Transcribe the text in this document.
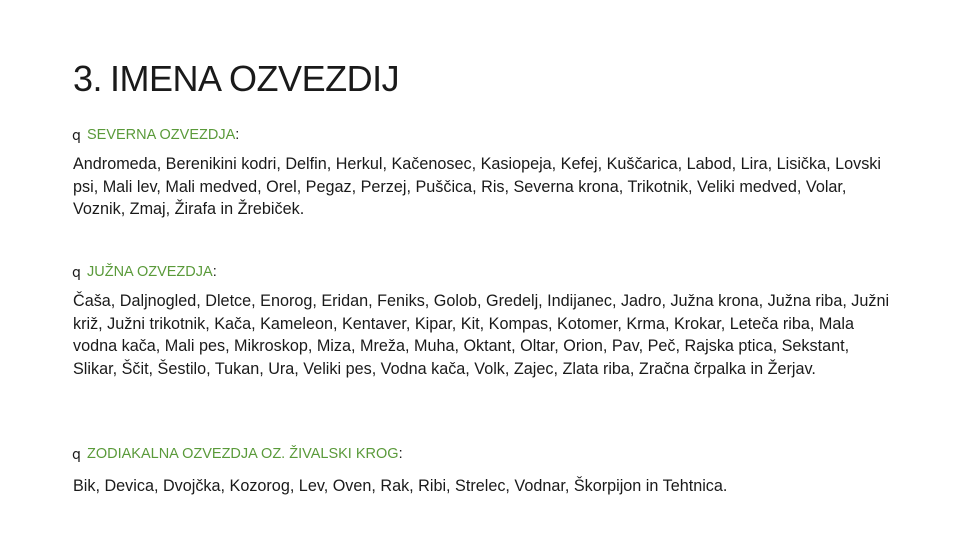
3. IMENA OZVEZDIJ
q SEVERNA OZVEZDJA :
Andromeda, Berenikini kodri, Delfin, Herkul, Kačenosec, Kasiopeja, Kefej, Kuščarica, Labod, Lira, Lisička, Lovski psi, Mali lev, Mali medved, Orel, Pegaz, Perzej, Puščica, Ris, Severna krona, Trikotnik, Veliki medved, Volar, Voznik, Zmaj, Žirafa in Žrebiček.
q JUŽNA OZVEZDJA :
Čaša, Daljnogled, Dletce, Enorog, Eridan, Feniks, Golob, Gredelj, Indijanec, Jadro, Južna krona, Južna riba, Južni križ, Južni trikotnik, Kača, Kameleon, Kentaver, Kipar, Kit, Kompas, Kotomer, Krma, Krokar, Leteča riba, Mala vodna kača, Mali pes, Mikroskop, Miza, Mreža, Muha, Oktant, Oltar, Orion, Pav, Peč, Rajska ptica, Sekstant, Slikar, Ščit, Šestilo, Tukan, Ura, Veliki pes, Vodna kača, Volk, Zajec, Zlata riba, Zračna črpalka in Žerjav.
q ZODIAKALNA OZVEZDJA OZ. ŽIVALSKI KROG :
Bik, Devica, Dvojčka, Kozorog, Lev, Oven, Rak, Ribi, Strelec, Vodnar, Škorpijon in Tehtnica.
